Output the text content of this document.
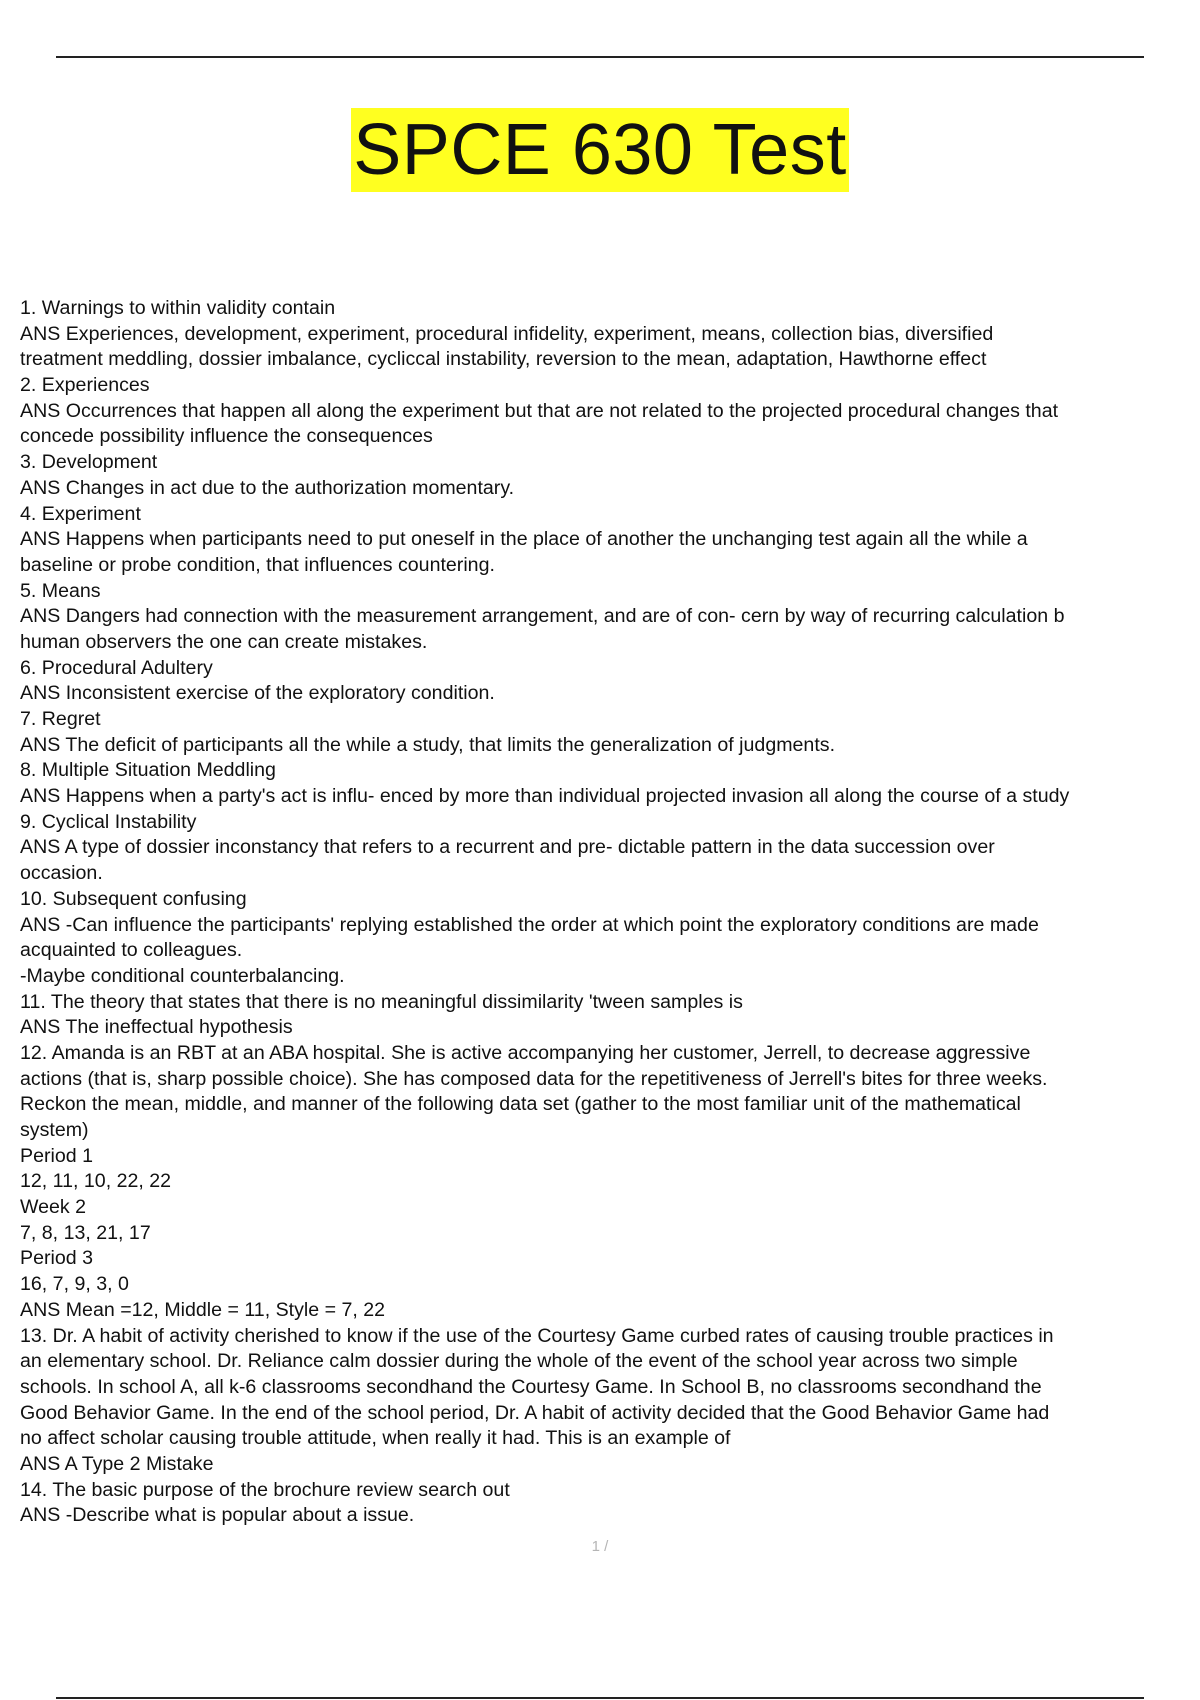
SPCE 630 Test
1. Warnings to within validity contain
ANS Experiences, development, experiment, procedural infidelity, experiment, means, collection bias, diversified
treatment meddling, dossier imbalance, cycliccal instability, reversion to the mean, adaptation, Hawthorne effect
2. Experiences
ANS Occurrences that happen all along the experiment but that are not related to the projected procedural changes that
concede possibility influence the consequences
3. Development
ANS Changes in act due to the authorization momentary.
4. Experiment
ANS Happens when participants need to put oneself in the place of another the unchanging test again all the while a
baseline or probe condition, that influences countering.
5. Means
ANS Dangers had connection with the measurement arrangement, and are of con- cern by way of recurring calculation b
human observers the one can create mistakes.
6. Procedural Adultery
ANS Inconsistent exercise of the exploratory condition.
7. Regret
ANS The deficit of participants all the while a study, that limits the generalization of judgments.
8. Multiple Situation Meddling
ANS Happens when a party's act is influ- enced by more than individual projected invasion all along the course of a study
9. Cyclical Instability
ANS A type of dossier inconstancy that refers to a recurrent and pre- dictable pattern in the data succession over
occasion.
10. Subsequent confusing
ANS -Can influence the participants' replying established the order at which point the exploratory conditions are made
acquainted to colleagues.
-Maybe conditional counterbalancing.
11. The theory that states that there is no meaningful dissimilarity 'tween samples is
ANS The ineffectual hypothesis
12. Amanda is an RBT at an ABA hospital. She is active accompanying her customer, Jerrell, to decrease aggressive
actions (that is, sharp possible choice). She has composed data for the repetitiveness of Jerrell's bites for three weeks.
Reckon the mean, middle, and manner of the following data set (gather to the most familiar unit of the mathematical
system)
Period 1
12, 11, 10, 22, 22
Week 2
7, 8, 13, 21, 17
Period 3
16, 7, 9, 3, 0
ANS Mean =12, Middle = 11, Style = 7, 22
13. Dr. A habit of activity cherished to know if the use of the Courtesy Game curbed rates of causing trouble practices in
an elementary school. Dr. Reliance calm dossier during the whole of the event of the school year across two simple
schools. In school A, all k-6 classrooms secondhand the Courtesy Game. In School B, no classrooms secondhand the
Good Behavior Game. In the end of the school period, Dr. A habit of activity decided that the Good Behavior Game had
no affect scholar causing trouble attitude, when really it had. This is an example of
ANS A Type 2 Mistake
14. The basic purpose of the brochure review search out
ANS -Describe what is popular about a issue.
1 /
